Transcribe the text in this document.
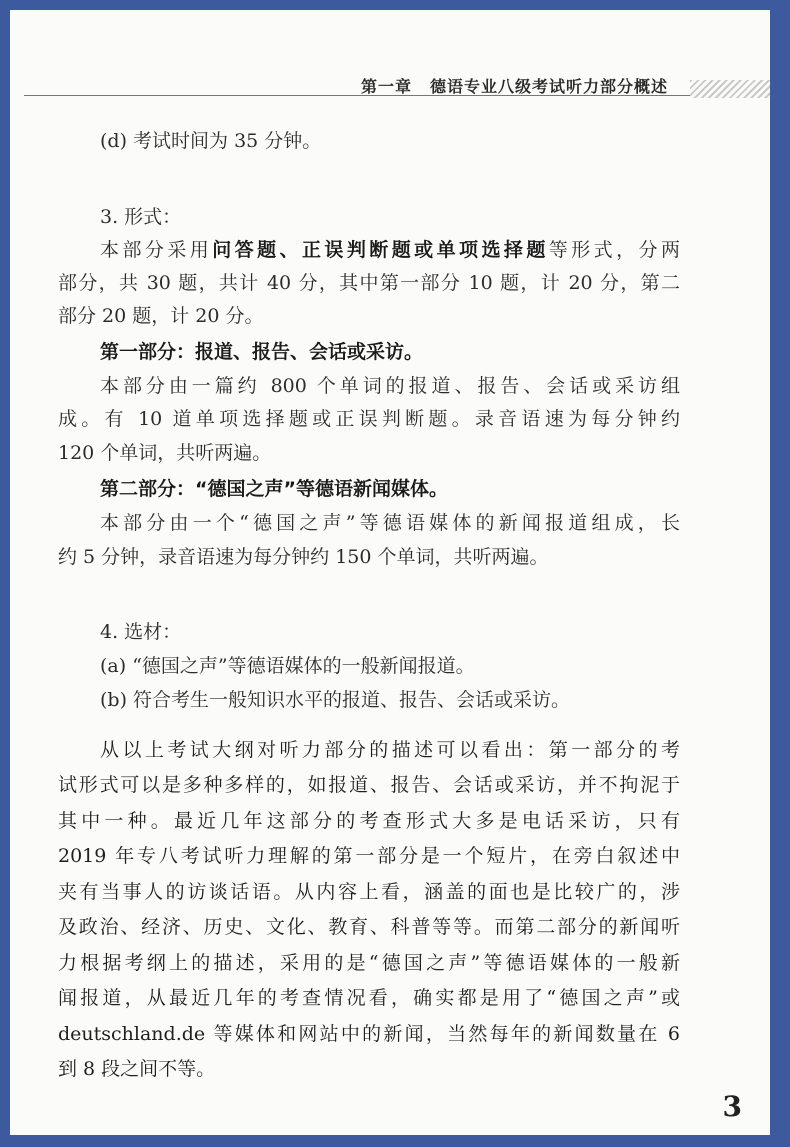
第一章 德语专业八级考试听力部分概述
(d) 考试时间为 35 分钟。
3. 形式：
本部分采用问答题、正误判断题或单项选择题等形式，分两
部分，共 30 题，共计 40 分，其中第一部分 10 题，计 20 分，第二
部分 20 题，计 20 分。
第一部分：报道、报告、会话或采访。
本部分由一篇约 800 个单词的报道、报告、会话或采访组
成。有 10 道单项选择题或正误判断题。录音语速为每分钟约
120 个单词，共听两遍。
第二部分：“德国之声”等德语新闻媒体。
本部分由一个“德国之声”等德语媒体的新闻报道组成，长
约 5 分钟，录音语速为每分钟约 150 个单词，共听两遍。
4. 选材：
(a) “德国之声”等德语媒体的一般新闻报道。
(b) 符合考生一般知识水平的报道、报告、会话或采访。
从以上考试大纲对听力部分的描述可以看出：第一部分的考
试形式可以是多种多样的，如报道、报告、会话或采访，并不拘泥于
其中一种。最近几年这部分的考查形式大多是电话采访，只有
2019 年专八考试听力理解的第一部分是一个短片，在旁白叙述中
夹有当事人的访谈话语。从内容上看，涵盖的面也是比较广的，涉
及政治、经济、历史、文化、教育、科普等等。而第二部分的新闻听
力根据考纲上的描述，采用的是“德国之声”等德语媒体的一般新
闻报道，从最近几年的考查情况看，确实都是用了“德国之声”或
deutschland.de 等媒体和网站中的新闻，当然每年的新闻数量在 6
到 8 段之间不等。
3
